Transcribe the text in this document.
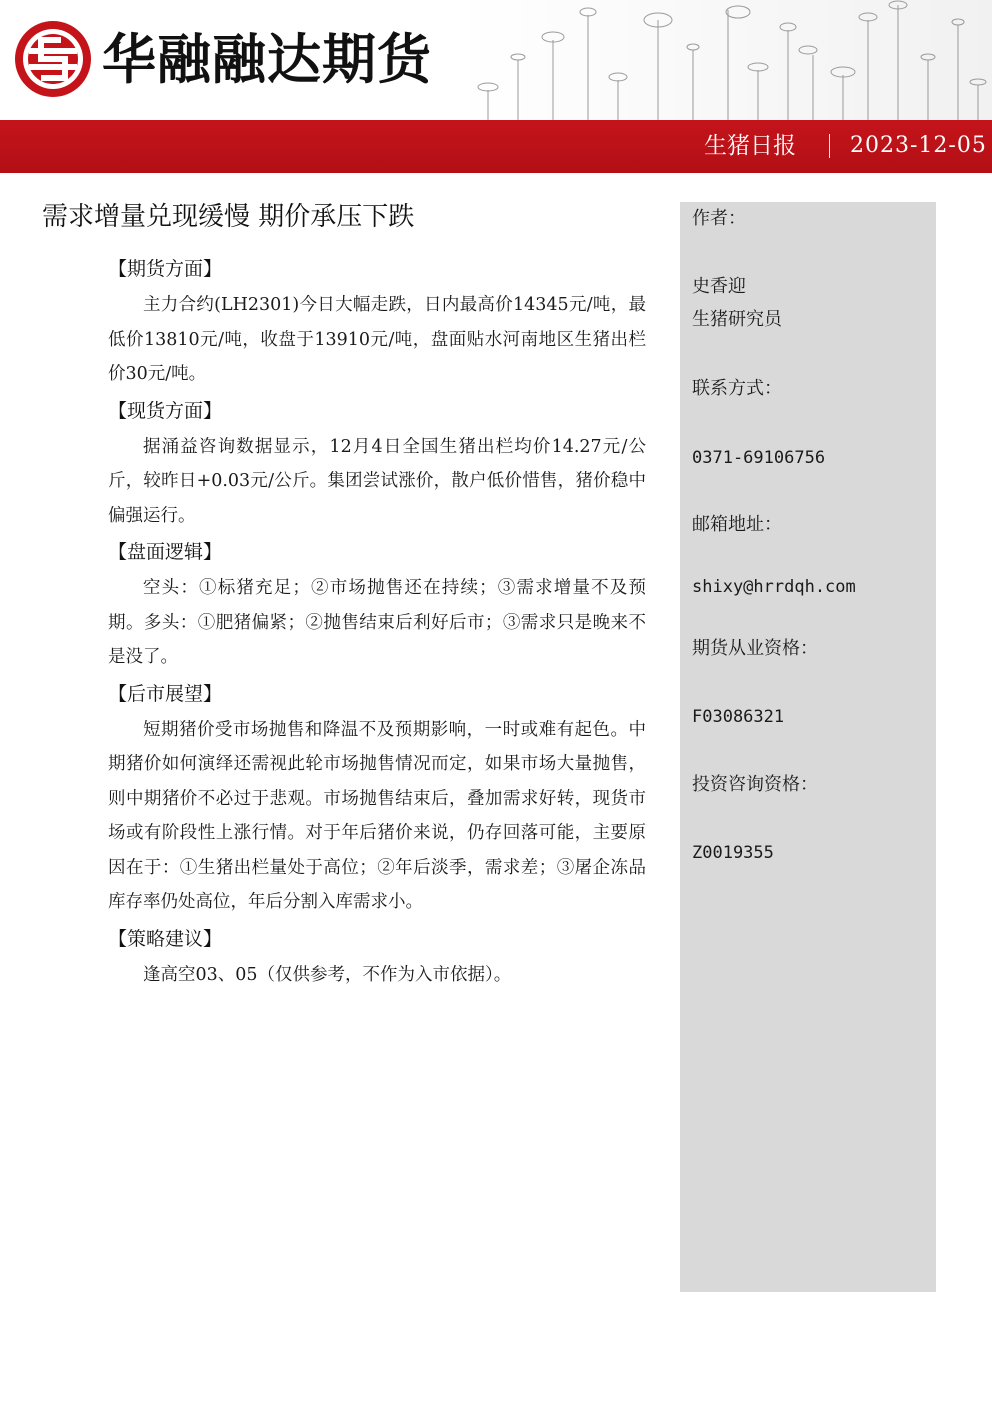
华融融达期货
生猪日报 2023-12-05
需求增量兑现缓慢 期价承压下跌
【期货方面】

主力合约(LH2301)今日大幅走跌，日内最高价14345元/吨，最低价13810元/吨，收盘于13910元/吨，盘面贴水河南地区生猪出栏价30元/吨。

【现货方面】

据涌益咨询数据显示，12月4日全国生猪出栏均价14.27元/公斤，较昨日+0.03元/公斤。集团尝试涨价，散户低价惜售，猪价稳中偏强运行。

【盘面逻辑】

空头：①标猪充足；②市场抛售还在持续；③需求增量不及预期。多头：①肥猪偏紧；②抛售结束后利好后市；③需求只是晚来不是没了。

【后市展望】

短期猪价受市场抛售和降温不及预期影响，一时或难有起色。中期猪价如何演绎还需视此轮市场抛售情况而定，如果市场大量抛售，则中期猪价不必过于悲观。市场抛售结束后，叠加需求好转，现货市场或有阶段性上涨行情。对于年后猪价来说，仍存回落可能，主要原因在于：①生猪出栏量处于高位；②年后淡季，需求差；③屠企冻品库存率仍处高位，年后分割入库需求小。

【策略建议】

逢高空03、05（仅供参考，不作为入市依据）。

作者：
史香迎
生猪研究员
联系方式：
0371-69106756
邮箱地址：
shixy@hrrdqh.com
期货从业资格：
F03086321
投资咨询资格：
Z0019355
